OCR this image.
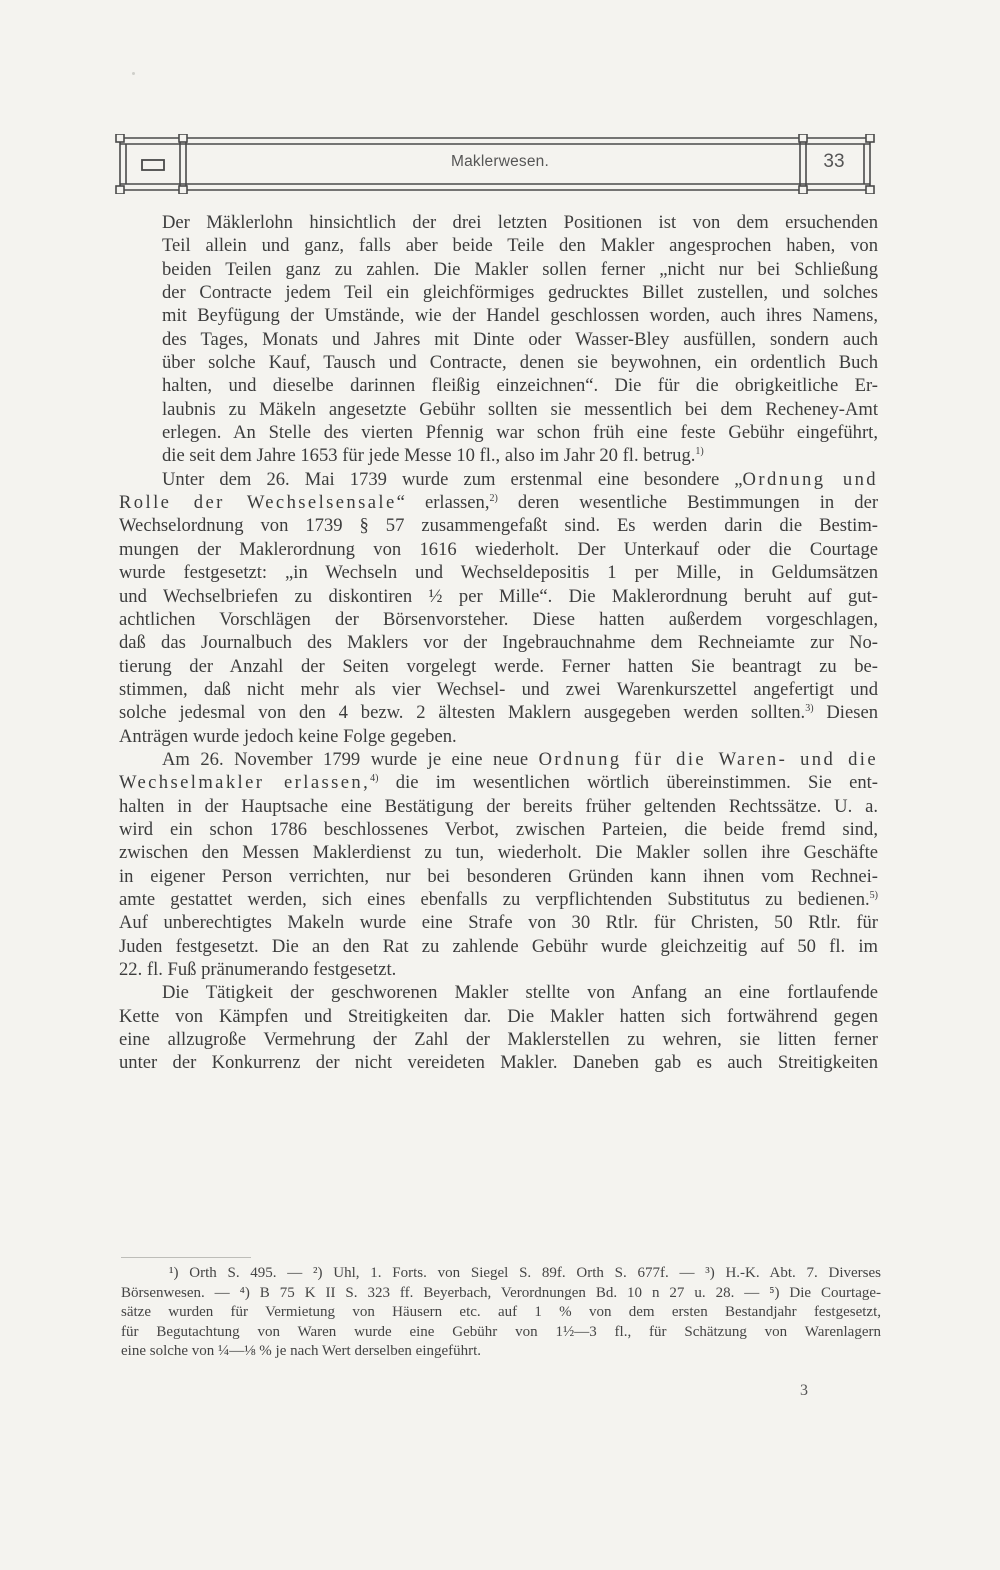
Maklerwesen.	33

Der Mäklerlohn hinsichtlich der drei letzten Positionen ist von dem ersuchenden
Teil allein und ganz, falls aber beide Teile den Makler angesprochen haben, von
beiden Teilen ganz zu zahlen. Die Makler sollen ferner „nicht nur bei Schließung
der Contracte jedem Teil ein gleichförmiges gedrucktes Billet zustellen, und solches
mit Beyfügung der Umstände, wie der Handel geschlossen worden, auch ihres Namens,
des Tages, Monats und Jahres mit Dinte oder Wasser-Bley ausfüllen, sondern auch
über solche Kauf, Tausch und Contracte, denen sie beywohnen, ein ordentlich Buch
halten, und dieselbe darinnen fleißig einzeichnen“. Die für die obrigkeitliche Er-
laubnis zu Mäkeln angesetzte Gebühr sollten sie messentlich bei dem Recheney-Amt
erlegen. An Stelle des vierten Pfennig war schon früh eine feste Gebühr eingeführt,
die seit dem Jahre 1653 für jede Messe 10 fl., also im Jahr 20 fl. betrug.$^{1)}$

Unter dem 26. Mai 1739 wurde zum erstenmal eine besondere „Ordnung und
Rolle der Wechselsensale“ erlassen,$^{2)}$ deren wesentliche Bestimmungen in der
Wechselordnung von 1739 § 57 zusammengefaßt sind. Es werden darin die Bestim-
mungen der Maklerordnung von 1616 wiederholt. Der Unterkauf oder die Courtage
wurde festgesetzt: „in Wechseln und Wechseldepositis 1 per Mille, in Geldumsätzen
und Wechselbriefen zu diskontiren ½ per Mille“. Die Maklerordnung beruht auf gut-
achtlichen Vorschlägen der Börsenvorsteher. Diese hatten außerdem vorgeschlagen,
daß das Journalbuch des Maklers vor der Ingebrauchnahme dem Rechneiamte zur No-
tierung der Anzahl der Seiten vorgelegt werde. Ferner hatten Sie beantragt zu be-
stimmen, daß nicht mehr als vier Wechsel- und zwei Warenkurszettel angefertigt und
solche jedesmal von den 4 bezw. 2 ältesten Maklern ausgegeben werden sollten.$^{3)}$ Diesen
Anträgen wurde jedoch keine Folge gegeben.

Am 26. November 1799 wurde je eine neue Ordnung für die Waren- und die
Wechselmakler erlassen,$^{4)}$ die im wesentlichen wörtlich übereinstimmen. Sie ent-
halten in der Hauptsache eine Bestätigung der bereits früher geltenden Rechtssätze. U. a.
wird ein schon 1786 beschlossenes Verbot, zwischen Parteien, die beide fremd sind,
zwischen den Messen Maklerdienst zu tun, wiederholt. Die Makler sollen ihre Geschäfte
in eigener Person verrichten, nur bei besonderen Gründen kann ihnen vom Rechnei-
amte gestattet werden, sich eines ebenfalls zu verpflichtenden Substitutus zu bedienen.$^{5)}$
Auf unberechtigtes Makeln wurde eine Strafe von 30 Rtlr. für Christen, 50 Rtlr. für
Juden festgesetzt. Die an den Rat zu zahlende Gebühr wurde gleichzeitig auf 50 fl. im
22. fl. Fuß pränumerando festgesetzt.

Die Tätigkeit der geschworenen Makler stellte von Anfang an eine fortlaufende
Kette von Kämpfen und Streitigkeiten dar. Die Makler hatten sich fortwährend gegen
eine allzugroße Vermehrung der Zahl der Maklerstellen zu wehren, sie litten ferner
unter der Konkurrenz der nicht vereideten Makler. Daneben gab es auch Streitigkeiten

¹) Orth S. 495. — ²) Uhl, 1. Forts. von Siegel S. 89f. Orth S. 677f. — ³) H.-K. Abt. 7. Diverses
Börsenwesen. — ⁴) B 75 K II S. 323 ff. Beyerbach, Verordnungen Bd. 10 n 27 u. 28. — ⁵) Die Courtage-
sätze wurden für Vermietung von Häusern etc. auf 1 % von dem ersten Bestandjahr festgesetzt,
für Begutachtung von Waren wurde eine Gebühr von 1½—3 fl., für Schätzung von Warenlagern
eine solche von ¼—⅛ % je nach Wert derselben eingeführt.
3
